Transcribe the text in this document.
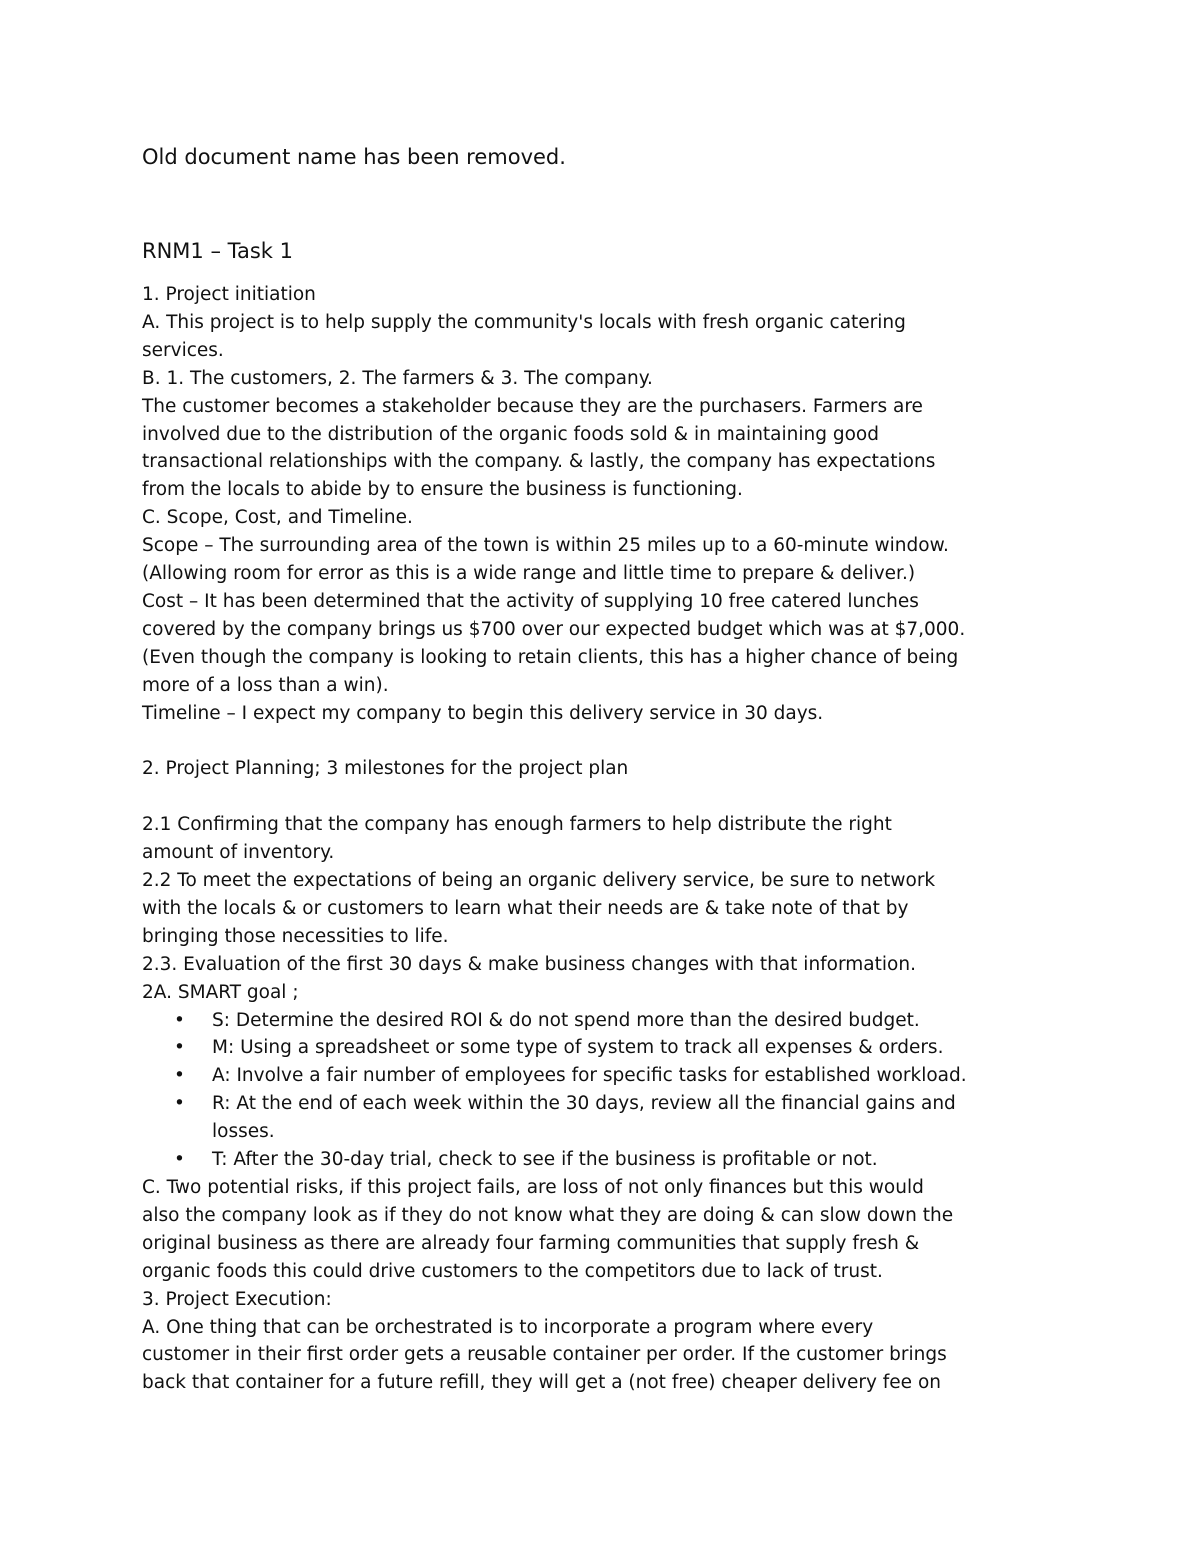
Old document name has been removed.
RNM1 – Task 1

1. Project initiation

A. This project is to help supply the community's locals with fresh organic catering

services.

B. 1. The customers, 2. The farmers & 3. The company.

The customer becomes a stakeholder because they are the purchasers. Farmers are

involved due to the distribution of the organic foods sold & in maintaining good

transactional relationships with the company. & lastly, the company has expectations

from the locals to abide by to ensure the business is functioning.

C. Scope, Cost, and Timeline.

Scope – The surrounding area of the town is within 25 miles up to a 60-minute window.

(Allowing room for error as this is a wide range and little time to prepare & deliver.)

Cost – It has been determined that the activity of supplying 10 free catered lunches

covered by the company brings us $700 over our expected budget which was at $7,000.

(Even though the company is looking to retain clients, this has a higher chance of being

more of a loss than a win).

Timeline – I expect my company to begin this delivery service in 30 days.

2. Project Planning; 3 milestones for the project plan

2.1 Confirming that the company has enough farmers to help distribute the right

amount of inventory.

2.2 To meet the expectations of being an organic delivery service, be sure to network

with the locals & or customers to learn what their needs are & take note of that by

bringing those necessities to life.

2.3. Evaluation of the first 30 days & make business changes with that information.

2A. SMART goal ;

• S: Determine the desired ROI & do not spend more than the desired budget.
• M: Using a spreadsheet or some type of system to track all expenses & orders.
• A: Involve a fair number of employees for specific tasks for established workload.
• R: At the end of each week within the 30 days, review all the financial gains and
losses.
• T: After the 30-day trial, check to see if the business is profitable or not.

C. Two potential risks, if this project fails, are loss of not only finances but this would

also the company look as if they do not know what they are doing & can slow down the

original business as there are already four farming communities that supply fresh &

organic foods this could drive customers to the competitors due to lack of trust.

3. Project Execution:

A. One thing that can be orchestrated is to incorporate a program where every

customer in their first order gets a reusable container per order. If the customer brings

back that container for a future refill, they will get a (not free) cheaper delivery fee on
